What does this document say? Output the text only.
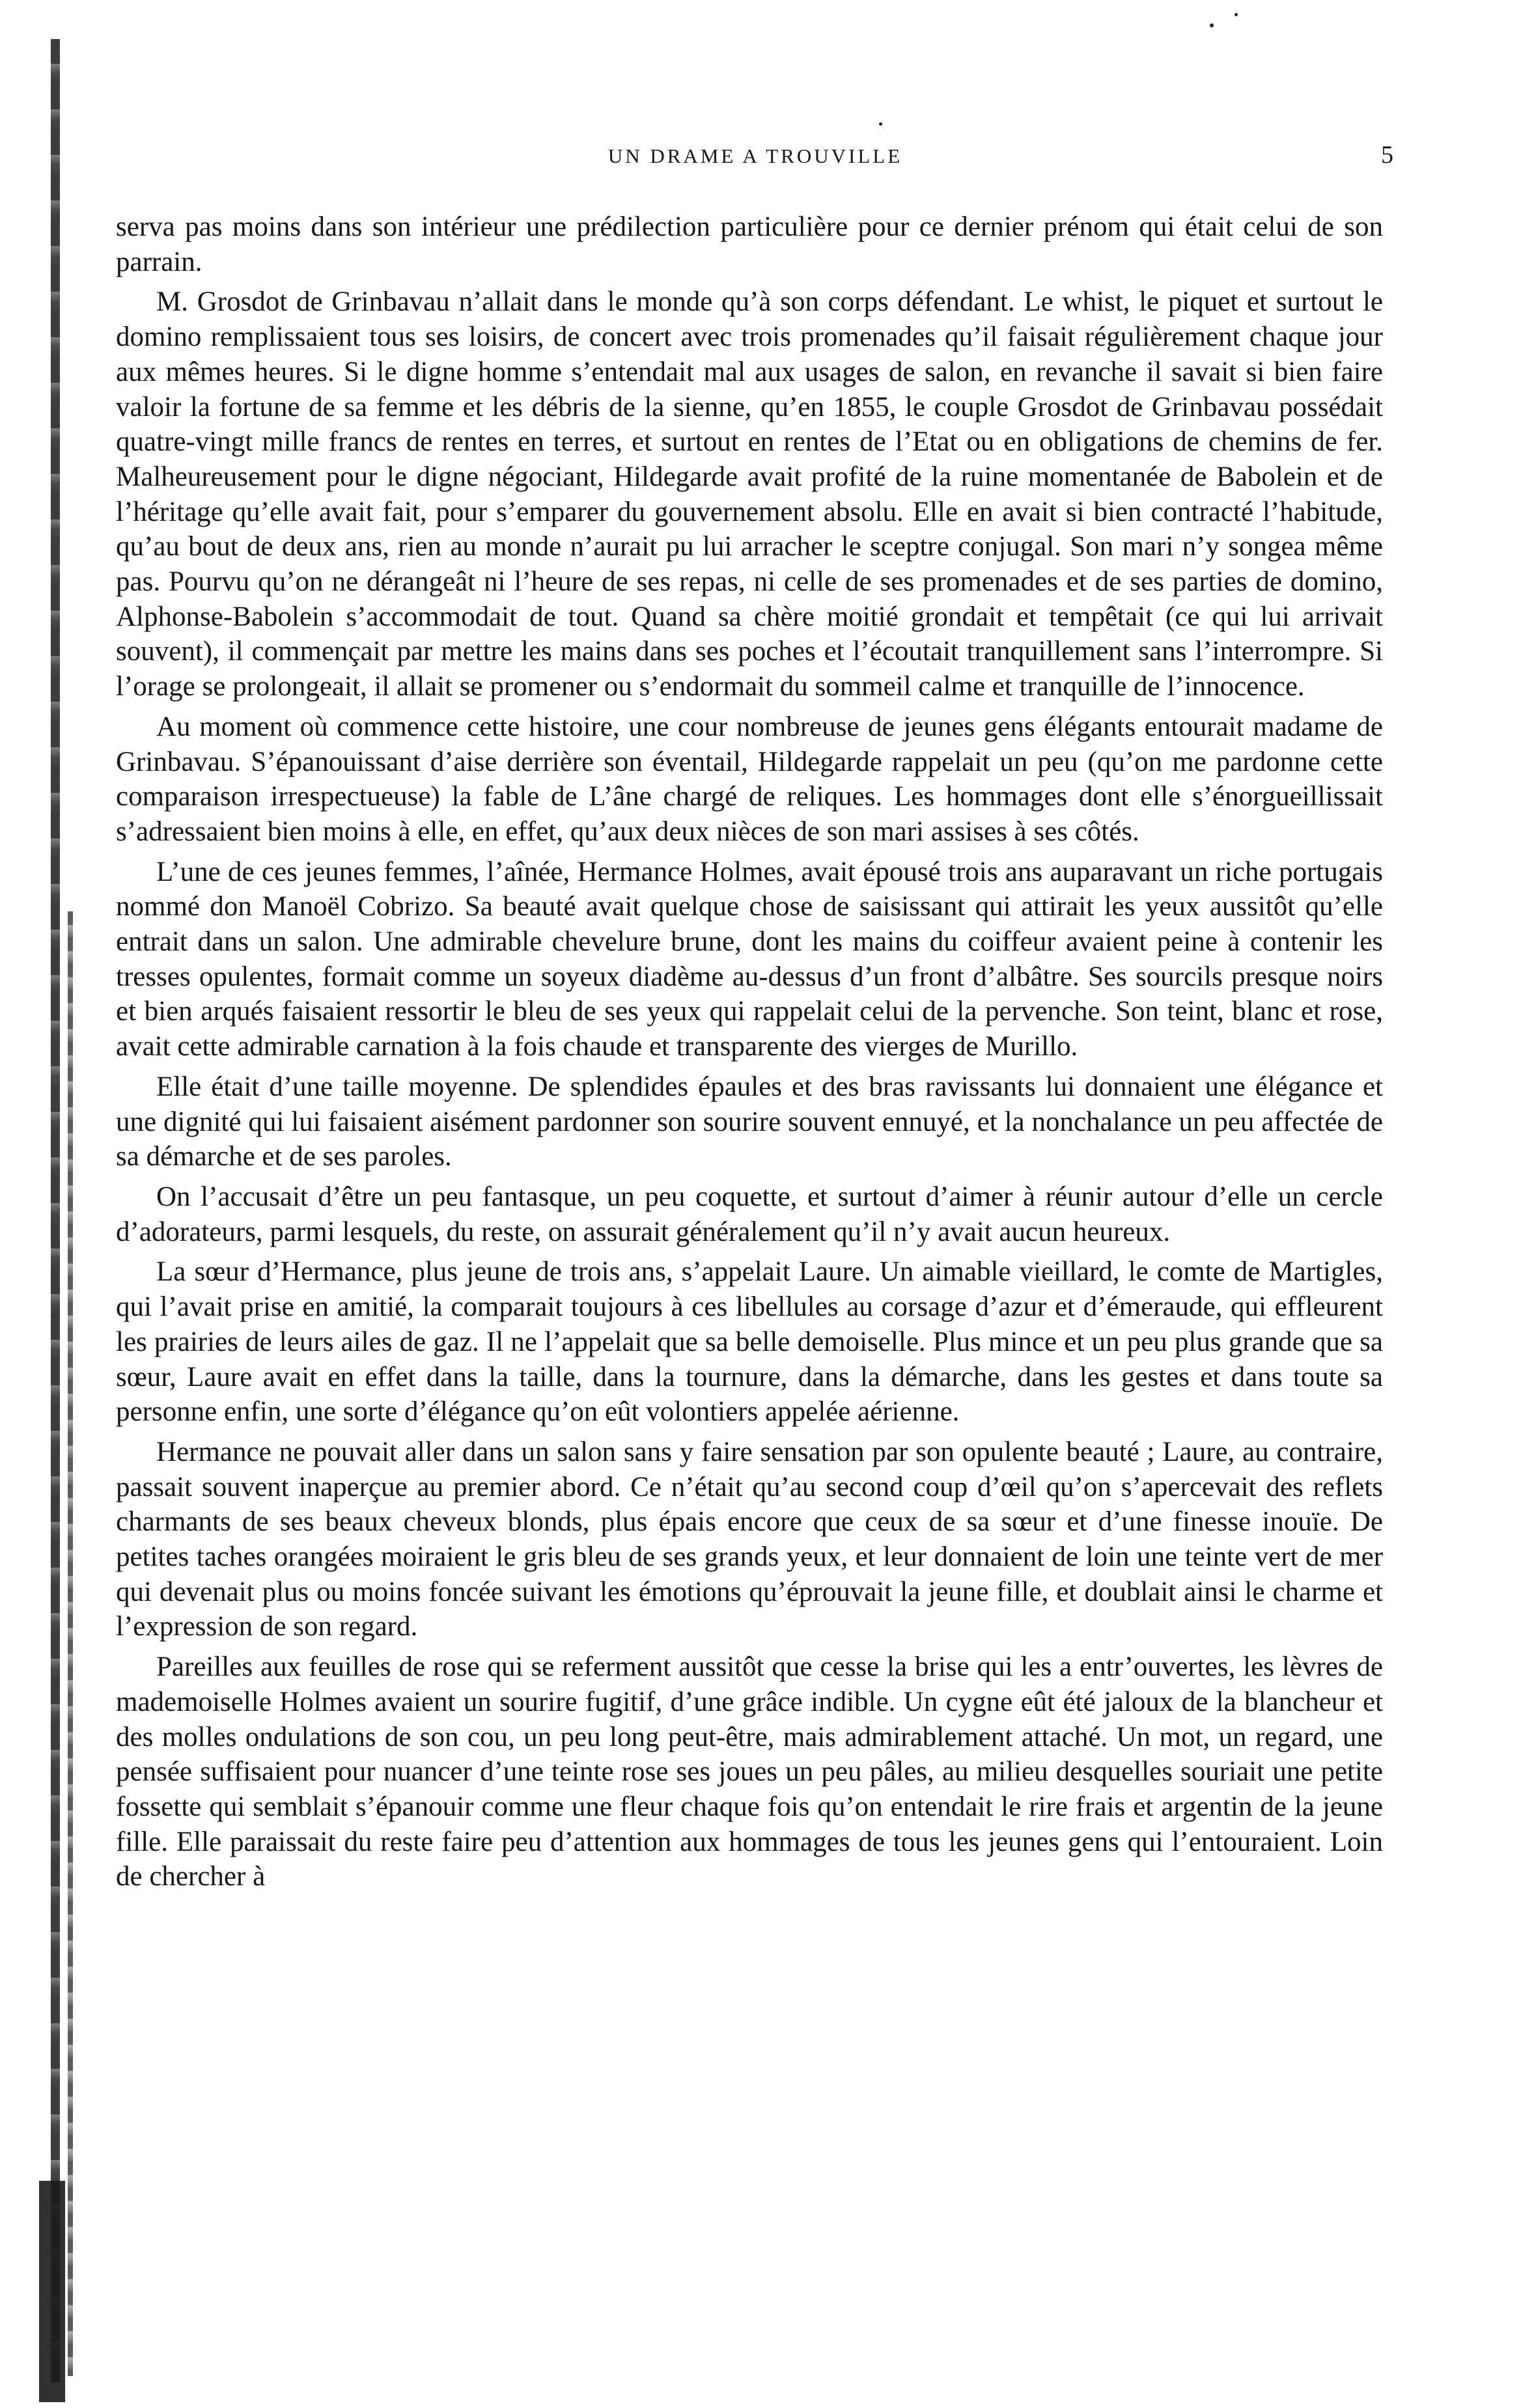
UN DRAME A TROUVILLE	5

serva pas moins dans son intérieur une prédilection particulière pour ce dernier prénom qui était celui de son parrain.

M. Grosdot de Grinbavau n’allait dans le monde qu’à son corps défendant. Le whist, le piquet et surtout le domino remplissaient tous ses loisirs, de concert avec trois promenades qu’il faisait régulièrement chaque jour aux mêmes heures. Si le digne homme s’entendait mal aux usages de salon, en revanche il savait si bien faire valoir la fortune de sa femme et les débris de la sienne, qu’en 1855, le couple Grosdot de Grinbavau possédait quatre-vingt mille francs de rentes en terres, et surtout en rentes de l’Etat ou en obligations de chemins de fer. Malheureusement pour le digne négociant, Hildegarde avait profité de la ruine momentanée de Babolein et de l’héritage qu’elle avait fait, pour s’emparer du gouvernement absolu. Elle en avait si bien contracté l’habitude, qu’au bout de deux ans, rien au monde n’aurait pu lui arracher le sceptre conjugal. Son mari n’y songea même pas. Pourvu qu’on ne dérangeât ni l’heure de ses repas, ni celle de ses promenades et de ses parties de domino, Alphonse-Babolein s’accommodait de tout. Quand sa chère moitié grondait et tempêtait (ce qui lui arrivait souvent), il commençait par mettre les mains dans ses poches et l’écoutait tranquillement sans l’interrompre. Si l’orage se prolongeait, il allait se promener ou s’endormait du sommeil calme et tranquille de l’innocence.

Au moment où commence cette histoire, une cour nombreuse de jeunes gens élégants entourait madame de Grinbavau. S’épanouissant d’aise derrière son éventail, Hildegarde rappelait un peu (qu’on me pardonne cette comparaison irrespectueuse) la fable de L’âne chargé de reliques. Les hommages dont elle s’énorgueillissait s’adressaient bien moins à elle, en effet, qu’aux deux nièces de son mari assises à ses côtés.

L’une de ces jeunes femmes, l’aînée, Hermance Holmes, avait épousé trois ans auparavant un riche portugais nommé don Manoël Cobrizo. Sa beauté avait quelque chose de saisissant qui attirait les yeux aussitôt qu’elle entrait dans un salon. Une admirable chevelure brune, dont les mains du coiffeur avaient peine à contenir les tresses opulentes, formait comme un soyeux diadème au-dessus d’un front d’albâtre. Ses sourcils presque noirs et bien arqués faisaient ressortir le bleu de ses yeux qui rappelait celui de la pervenche. Son teint, blanc et rose, avait cette admirable carnation à la fois chaude et transparente des vierges de Murillo.

Elle était d’une taille moyenne. De splendides épaules et des bras ravissants lui donnaient une élégance et une dignité qui lui faisaient aisément pardonner son sourire souvent ennuyé, et la nonchalance un peu affectée de sa démarche et de ses paroles.

On l’accusait d’être un peu fantasque, un peu coquette, et surtout d’aimer à réunir autour d’elle un cercle d’adorateurs, parmi lesquels, du reste, on assurait généralement qu’il n’y avait aucun heureux.

La sœur d’Hermance, plus jeune de trois ans, s’appelait Laure. Un aimable vieillard, le comte de Martigles, qui l’avait prise en amitié, la comparait toujours à ces libellules au corsage d’azur et d’émeraude, qui effleurent les prairies de leurs ailes de gaz. Il ne l’appelait que sa belle demoiselle. Plus mince et un peu plus grande que sa sœur, Laure avait en effet dans la taille, dans la tournure, dans la démarche, dans les gestes et dans toute sa personne enfin, une sorte d’élégance qu’on eût volontiers appelée aérienne.

Hermance ne pouvait aller dans un salon sans y faire sensation par son opulente beauté ; Laure, au contraire, passait souvent inaperçue au premier abord. Ce n’était qu’au second coup d’œil qu’on s’apercevait des reflets charmants de ses beaux cheveux blonds, plus épais encore que ceux de sa sœur et d’une finesse inouïe. De petites taches orangées moiraient le gris bleu de ses grands yeux, et leur donnaient de loin une teinte vert de mer qui devenait plus ou moins foncée suivant les émotions qu’éprouvait la jeune fille, et doublait ainsi le charme et l’expression de son regard.

Pareilles aux feuilles de rose qui se referment aussitôt que cesse la brise qui les a entr’ouvertes, les lèvres de mademoiselle Holmes avaient un sourire fugitif, d’une grâce indible. Un cygne eût été jaloux de la blancheur et des molles ondulations de son cou, un peu long peut-être, mais admirablement attaché. Un mot, un regard, une pensée suffisaient pour nuancer d’une teinte rose ses joues un peu pâles, au milieu desquelles souriait une petite fossette qui semblait s’épanouir comme une fleur chaque fois qu’on entendait le rire frais et argentin de la jeune fille. Elle paraissait du reste faire peu d’attention aux hommages de tous les jeunes gens qui l’entouraient. Loin de chercher à
